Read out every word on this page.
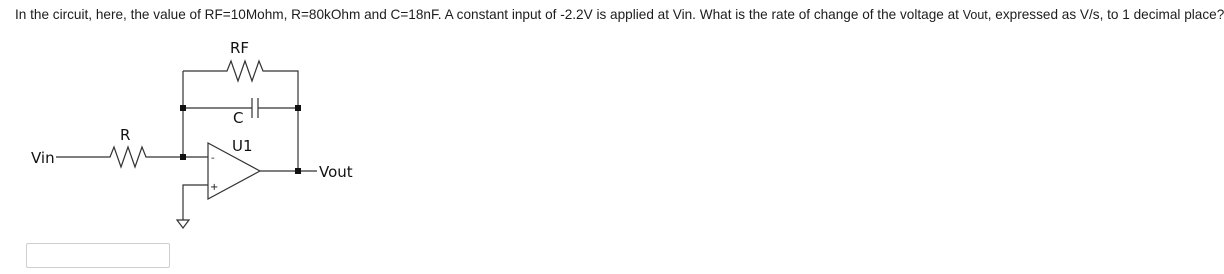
In the circuit, here, the value of RF=10Mohm, R=80kOhm and C=18nF. A constant input of -2.2V is applied at Vin. What is the rate of change of the voltage at Vout, expressed as V/s, to 1 decimal place?
RF
R
C
U1
Vin
Vout
-
+
